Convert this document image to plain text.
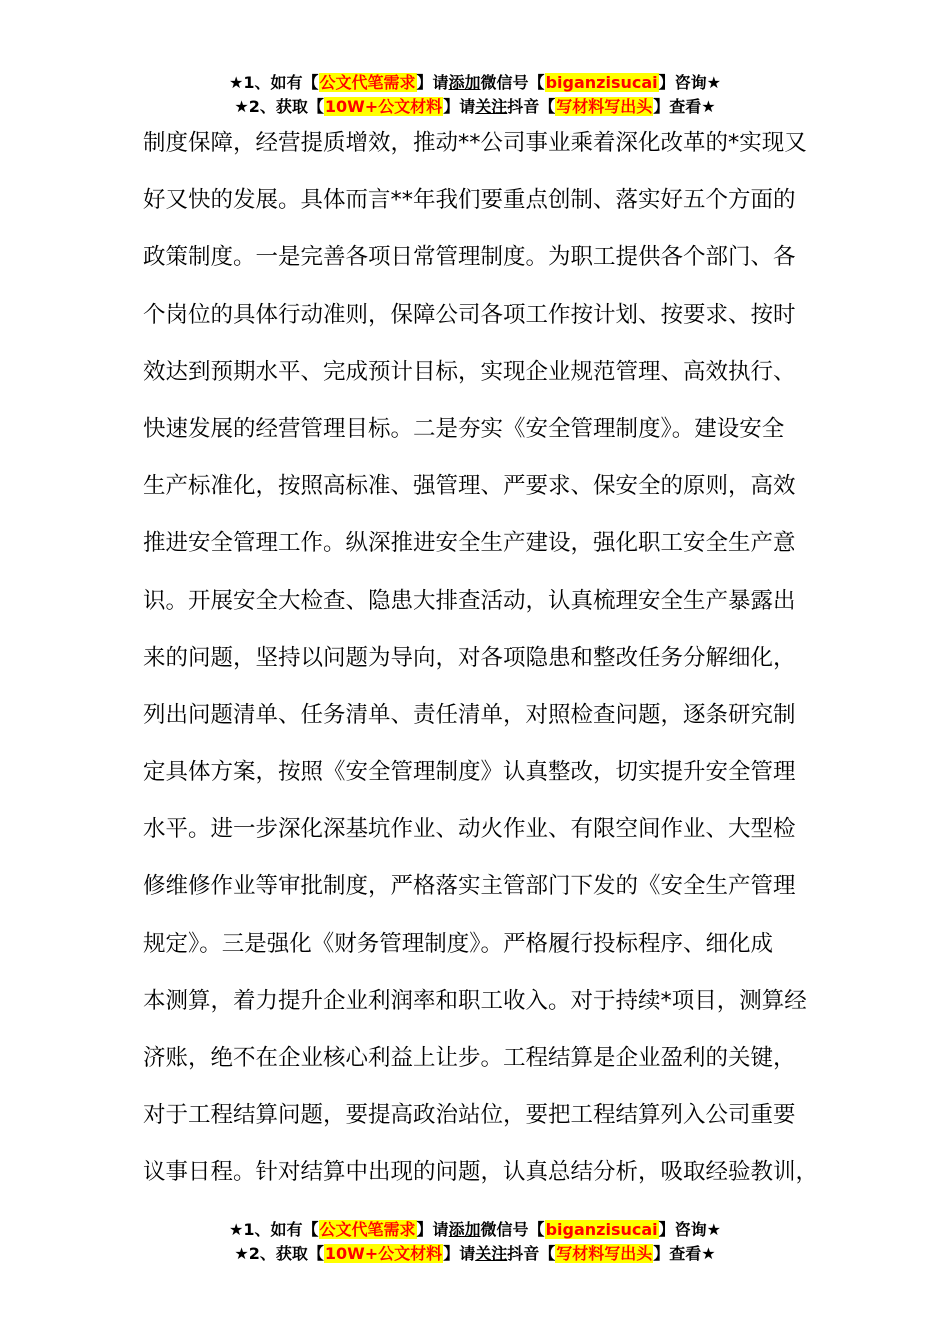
★1、如有【公文代笔需求】请添加微信号【biganzisucai】咨询★
★2、获取【10W+公文材料】请关注抖音【写材料写出头】查看★
制度保障，经营提质增效，推动**公司事业乘着深化改革的*实现又
好又快的发展。具体而言**年我们要重点创制、落实好五个方面的
政策制度。一是完善各项日常管理制度。为职工提供各个部门、各
个岗位的具体行动准则，保障公司各项工作按计划、按要求、按时
效达到预期水平、完成预计目标，实现企业规范管理、高效执行、
快速发展的经营管理目标。二是夯实《安全管理制度》。建设安全
生产标准化，按照高标准、强管理、严要求、保安全的原则，高效
推进安全管理工作。纵深推进安全生产建设，强化职工安全生产意
识。开展安全大检查、隐患大排查活动，认真梳理安全生产暴露出
来的问题，坚持以问题为导向，对各项隐患和整改任务分解细化，
列出问题清单、任务清单、责任清单，对照检查问题，逐条研究制
定具体方案，按照《安全管理制度》认真整改，切实提升安全管理
水平。进一步深化深基坑作业、动火作业、有限空间作业、大型检
修维修作业等审批制度，严格落实主管部门下发的《安全生产管理
规定》。三是强化《财务管理制度》。严格履行投标程序、细化成
本测算，着力提升企业利润率和职工收入。对于持续*项目，测算经
济账，绝不在企业核心利益上让步。工程结算是企业盈利的关键，
对于工程结算问题，要提高政治站位，要把工程结算列入公司重要
议事日程。针对结算中出现的问题，认真总结分析，吸取经验教训，
★1、如有【公文代笔需求】请添加微信号【biganzisucai】咨询★
★2、获取【10W+公文材料】请关注抖音【写材料写出头】查看★
